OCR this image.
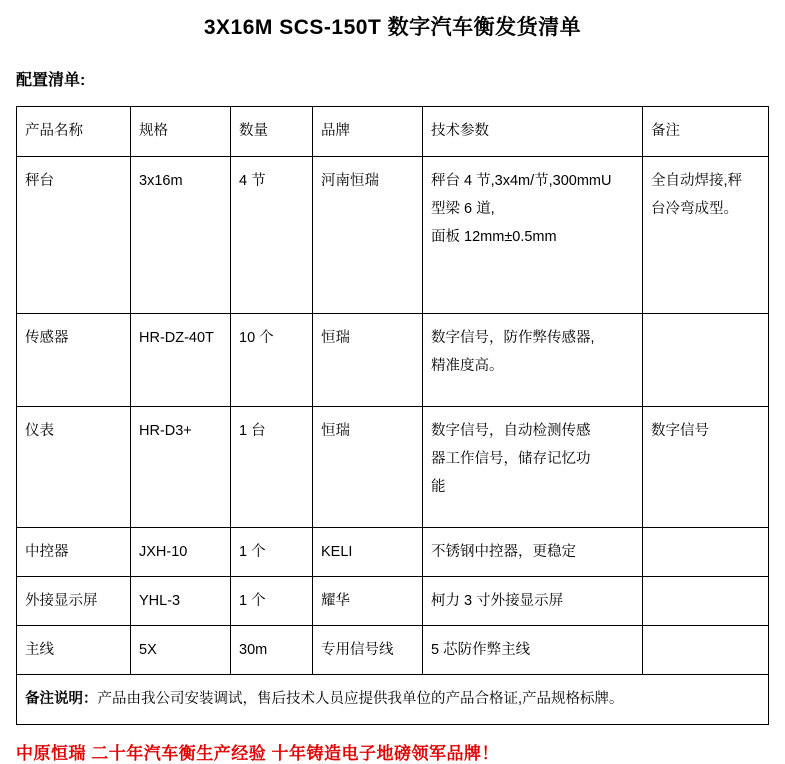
3X16M SCS-150T 数字汽车衡发货清单
配置清单:
产品名称	规格	数量	品牌	技术参数	备注
秤台	3x16m	4 节	河南恒瑞	秤台 4 节,3x4m/节,300mmU
型梁 6 道,
面板 12mm±0.5mm	全自动焊接,秤
台冷弯成型。

传感器	HR-DZ-40T	10 个	恒瑞	数字信号，防作弊传感器,
精准度高。	

仪表	HR-D3+	1 台	恒瑞	数字信号，自动检测传感
器工作信号，储存记忆功
能	数字信号
中控器	JXH-10	1 个	KELI	不锈钢中控器，更稳定	
外接显示屏	YHL-3	1 个	耀华	柯力 3 寸外接显示屏	
主线	5X	30m	专用信号线	5 芯防作弊主线	
备注说明：产品由我公司安装调试，售后技术人员应提供我单位的产品合格证,产品规格标牌。					
中原恒瑞 二十年汽车衡生产经验 十年铸造电子地磅领军品牌！
